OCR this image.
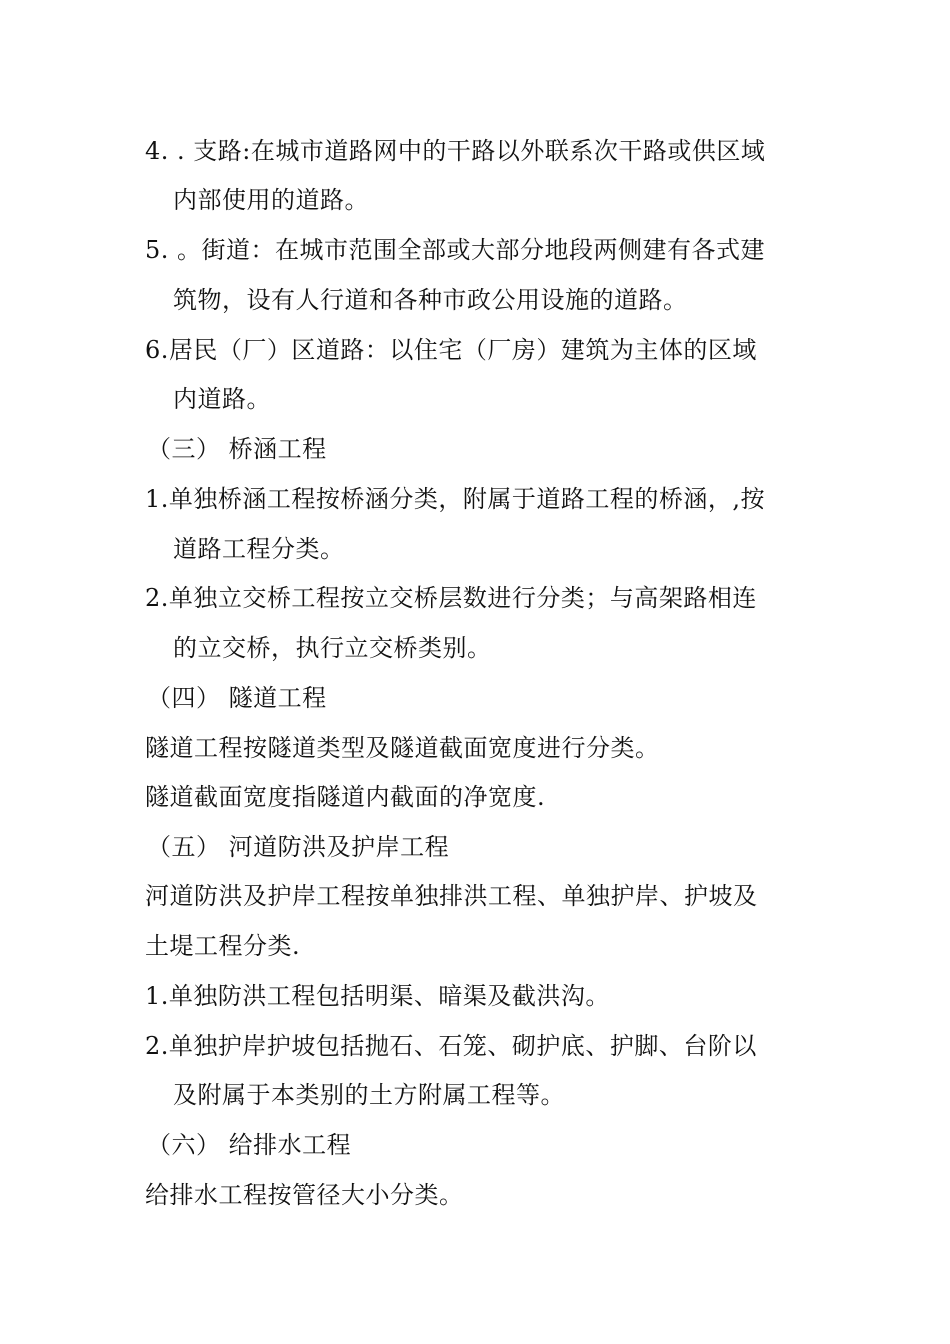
4. . 支路:在城市道路网中的干路以外联系次干路或供区域
内部使用的道路。
5. 。街道：在城市范围全部或大部分地段两侧建有各式建
筑物，设有人行道和各种市政公用设施的道路。
6.居民（厂）区道路：以住宅（厂房）建筑为主体的区域
内道路。
（三） 桥涵工程
1.单独桥涵工程按桥涵分类，附属于道路工程的桥涵，,按
道路工程分类。
2.单独立交桥工程按立交桥层数进行分类；与高架路相连
的立交桥，执行立交桥类别。
（四） 隧道工程
隧道工程按隧道类型及隧道截面宽度进行分类。
隧道截面宽度指隧道内截面的净宽度.
（五） 河道防洪及护岸工程
河道防洪及护岸工程按单独排洪工程、单独护岸、护坡及
土堤工程分类.
1.单独防洪工程包括明渠、暗渠及截洪沟。
2.单独护岸护坡包括抛石、石笼、砌护底、护脚、台阶以
及附属于本类别的土方附属工程等。
（六） 给排水工程
给排水工程按管径大小分类。
